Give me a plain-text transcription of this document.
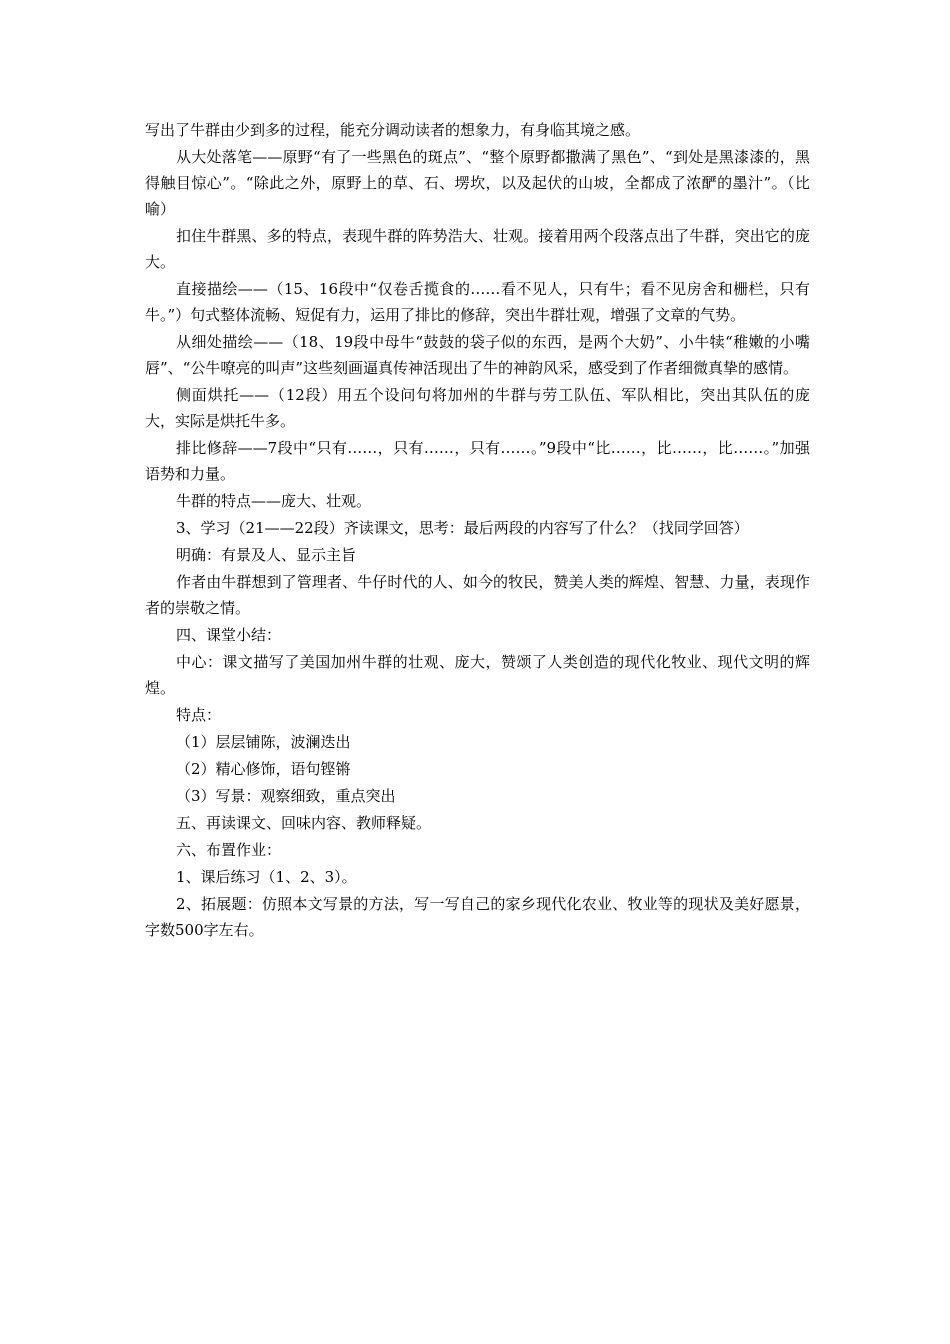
写出了牛群由少到多的过程，能充分调动读者的想象力，有身临其境之感。

从大处落笔——原野“有了一些黑色的斑点”、“整个原野都撒满了黑色”、“到处是黑漆漆的，黑得触目惊心”。“除此之外，原野上的草、石、塄坎，以及起伏的山坡，全都成了浓酽的墨汁”。（比喻）

扣住牛群黑、多的特点，表现牛群的阵势浩大、壮观。接着用两个段落点出了牛群，突出它的庞大。

直接描绘——（15、16段中“仅卷舌揽食的……看不见人，只有牛；看不见房舍和栅栏，只有牛。”）句式整体流畅、短促有力，运用了排比的修辞，突出牛群壮观，增强了文章的气势。

从细处描绘——（18、19段中母牛“鼓鼓的袋子似的东西，是两个大奶”、小牛犊“稚嫩的小嘴唇”、“公牛嘹亮的叫声”这些刻画逼真传神活现出了牛的神韵风采，感受到了作者细微真挚的感情。

侧面烘托——（12段）用五个设问句将加州的牛群与劳工队伍、军队相比，突出其队伍的庞大，实际是烘托牛多。

排比修辞——7段中“只有……，只有……，只有……。”9段中“比……，比……，比……。”加强语势和力量。

牛群的特点——庞大、壮观。

3、学习（21——22段）齐读课文，思考：最后两段的内容写了什么？（找同学回答）

明确：有景及人、显示主旨

作者由牛群想到了管理者、牛仔时代的人、如今的牧民，赞美人类的辉煌、智慧、力量，表现作者的崇敬之情。

四、课堂小结：

中心：课文描写了美国加州牛群的壮观、庞大，赞颂了人类创造的现代化牧业、现代文明的辉煌。

特点：

（1）层层铺陈，波澜迭出

（2）精心修饰，语句铿锵

（3）写景：观察细致，重点突出

五、再读课文、回味内容、教师释疑。

六、布置作业：

1、课后练习（1、2、3）。

2、拓展题：仿照本文写景的方法，写一写自己的家乡现代化农业、牧业等的现状及美好愿景，字数500字左右。
